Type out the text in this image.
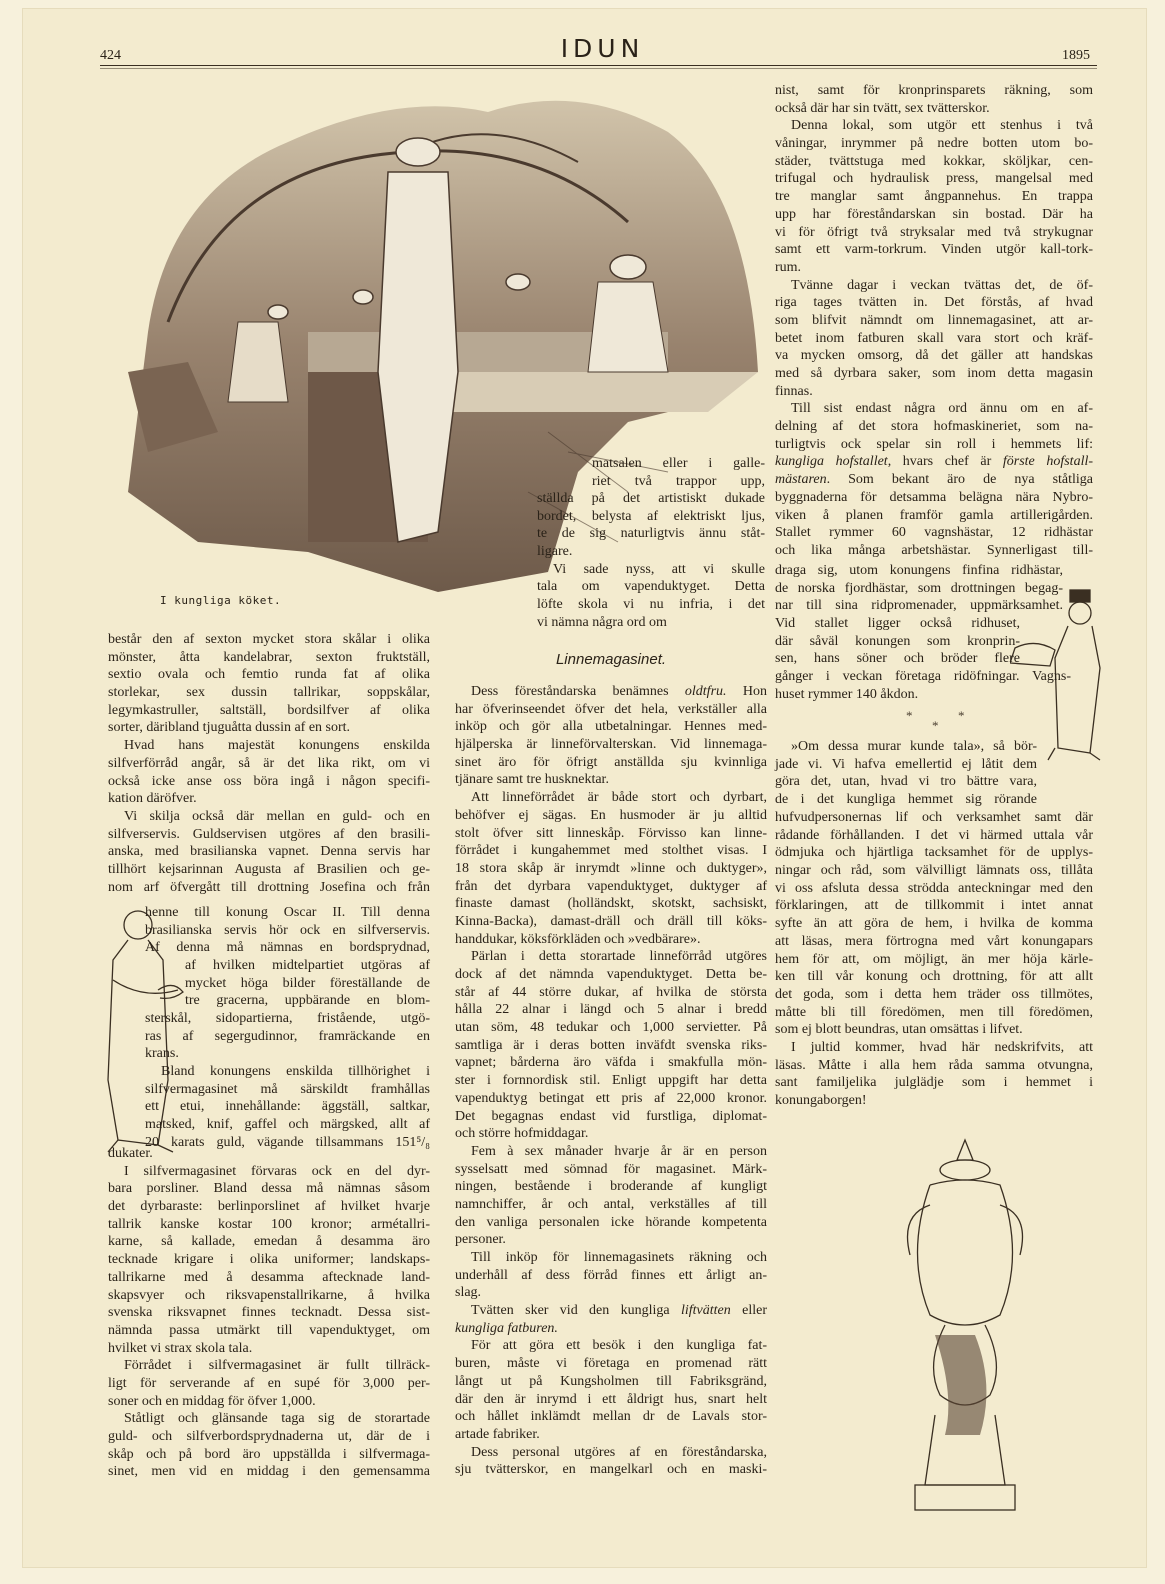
424	IDUN	1895
I kungliga köket.
består den af sexton mycket stora skålar i olika
mönster, åtta kandelabrar, sexton fruktställ,
sextio ovala och femtio runda fat af olika
storlekar, sex dussin tallrikar, soppskålar,
legymkastruller, saltställ, bordsilfver af olika
sorter, däribland tjuguåtta dussin af en sort.
Hvad hans majestät konungens enskilda
silfverförråd angår, så är det lika rikt, om vi
också icke anse oss böra ingå i någon specifi-
kation däröfver.
Vi skilja också där mellan en guld- och en
silfverservis. Guldservisen utgöres af den brasili-
anska, med brasilianska vapnet. Denna servis har
tillhört kejsarinnan Augusta af Brasilien och ge-
nom arf öfvergått till drottning Josefina och från
henne till konung Oscar II. Till denna
brasilianska servis hör ock en silfverservis.
Af denna må nämnas en bordsprydnad,
af hvilken midtelpartiet utgöras af
mycket höga bilder föreställande de
tre gracerna, uppbärande en blom-
sterskål, sidopartierna, fristående, utgö-
ras af segergudinnor, framräckande en
krans.
Bland konungens enskilda tillhörighet i
silfvermagasinet må särskildt framhållas
ett etui, innehållande: äggställ, saltkar,
matsked, knif, gaffel och märgsked, allt af
20 karats guld, vägande tillsammans 151⁵/₈
dukater.
I silfvermagasinet förvaras ock en del dyr-
bara porsliner. Bland dessa må nämnas såsom
det dyrbaraste: berlinporslinet af hvilket hvarje
tallrik kanske kostar 100 kronor; armétallri-
karne, så kallade, emedan å desamma äro
tecknade krigare i olika uniformer; landskaps-
tallrikarne med å desamma aftecknade land-
skapsvyer och riksvapenstallrikarne, å hvilka
svenska riksvapnet finnes tecknadt. Dessa sist-
nämnda passa utmärkt till vapenduktyget, om
hvilket vi strax skola tala.
Förrådet i silfvermagasinet är fullt tillräck-
ligt för serverande af en supé för 3,000 per-
soner och en middag för öfver 1,000.
Ståtligt och glänsande taga sig de storartade
guld- och silfverbordsprydnaderna ut, där de i
skåp och på bord äro uppställda i silfvermaga-
sinet, men vid en middag i den gemensamma
matsalen eller i galle-
riet två trappor upp,
ställda på det artistiskt dukade
bordet, belysta af elektriskt ljus,
te de sig naturligtvis ännu ståt-
ligare.
Vi sade nyss, att vi skulle
tala om vapenduktyget. Detta
löfte skola vi nu infria, i det
vi nämna några ord om
Linnemagasinet.
Dess föreståndarska benämnes oldtfru. Hon
har öfverinseendet öfver det hela, verkställer alla
inköp och gör alla utbetalningar. Hennes med-
hjälperska är linneförvalterskan. Vid linnemaga-
sinet äro för öfrigt anställda sju kvinnliga
tjänare samt tre husknektar.
Att linneförrådet är både stort och dyrbart,
behöfver ej sägas. En husmoder är ju alltid
stolt öfver sitt linneskåp. Förvisso kan linne-
förrådet i kungahemmet med stolthet visas. I
18 stora skåp är inrymdt »linne och duktyger»,
från det dyrbara vapenduktyget, duktyger af
finaste damast (holländskt, skotskt, sachsiskt,
Kinna-Backa), damast-dräll och dräll till köks-
handdukar, köksförkläden och »vedbärare».
Pärlan i detta storartade linneförråd utgöres
dock af det nämnda vapenduktyget. Detta be-
står af 44 större dukar, af hvilka de största
hålla 22 alnar i längd och 5 alnar i bredd
utan söm, 48 tedukar och 1,000 servietter. På
samtliga är i deras botten inväfdt svenska riks-
vapnet; bårderna äro väfda i smakfulla mön-
ster i fornnordisk stil. Enligt uppgift har detta
vapenduktyg betingat ett pris af 22,000 kronor.
Det begagnas endast vid furstliga, diplomat-
och större hofmiddagar.
Fem à sex månader hvarje år är en person
sysselsatt med sömnad för magasinet. Märk-
ningen, bestående i broderande af kungligt
namnchiffer, år och antal, verkställes af till
den vanliga personalen icke hörande kompetenta
personer.
Till inköp för linnemagasinets räkning och
underhåll af dess förråd finnes ett årligt an-
slag.
Tvätten sker vid den kungliga liftvätten eller
kungliga fatburen.
För att göra ett besök i den kungliga fat-
buren, måste vi företaga en promenad rätt
långt ut på Kungsholmen till Fabriksgränd,
där den är inrymd i ett åldrigt hus, snart helt
och hållet inklämdt mellan dr de Lavals stor-
artade fabriker.
Dess personal utgöres af en föreståndarska,
sju tvätterskor, en mangelkarl och en maski-
nist, samt för kronprinsparets räkning, som
också där har sin tvätt, sex tvätterskor.
Denna lokal, som utgör ett stenhus i två
våningar, inrymmer på nedre botten utom bo-
städer, tvättstuga med kokkar, sköljkar, cen-
trifugal och hydraulisk press, mangelsal med
tre manglar samt ångpannehus. En trappa
upp har föreståndarskan sin bostad. Där ha
vi för öfrigt två stryksalar med två strykugnar
samt ett varm-torkrum. Vinden utgör kall-tork-
rum.
Tvänne dagar i veckan tvättas det, de öf-
riga tages tvätten in. Det förstås, af hvad
som blifvit nämndt om linnemagasinet, att ar-
betet inom fatburen skall vara stort och kräf-
va mycken omsorg, då det gäller att handskas
med så dyrbara saker, som inom detta magasin
finnas.
Till sist endast några ord ännu om en af-
delning af det stora hofmaskineriet, som na-
turligtvis ock spelar sin roll i hemmets lif:
kungliga hofstallet, hvars chef är förste hofstall-
mästaren. Som bekant äro de nya ståtliga
byggnaderna för detsamma belägna nära Nybro-
viken å planen framför gamla artillerigården.
Stallet rymmer 60 vagnshästar, 12 ridhästar
och lika många arbetshästar. Synnerligast till-
draga sig, utom konungens finfina ridhästar,
de norska fjordhästar, som drottningen begag-
nar till sina ridpromenader, uppmärksamhet.
Vid stallet ligger också ridhuset,
där såväl konungen som kronprin-
sen, hans söner och bröder flere
gånger i veckan företaga ridöfningar. Vagns-
huset rymmer 140 åkdon.
*	*
*
»Om dessa murar kunde tala», så bör-
jade vi. Vi hafva emellertid ej låtit dem
göra det, utan, hvad vi tro bättre vara,
de i det kungliga hemmet sig rörande
hufvudpersonernas lif och verksamhet samt där
rådande förhållanden. I det vi härmed uttala vår
ödmjuka och hjärtliga tacksamhet för de upplys-
ningar och råd, som välvilligt lämnats oss, tillåta
vi oss afsluta dessa strödda anteckningar med den
förklaringen, att de tillkommit i intet annat
syfte än att göra de hem, i hvilka de komma
att läsas, mera förtrogna med vårt konungapars
hem för att, om möjligt, än mer höja kärle-
ken till vår konung och drottning, för att allt
det goda, som i detta hem träder oss tillmötes,
måtte bli till föredömen, men till föredömen,
som ej blott beundras, utan omsättas i lifvet.
I jultid kommer, hvad här nedskrifvits, att
läsas. Måtte i alla hem råda samma otvungna,
sant familjelika julglädje som i hemmet i
konungaborgen!
